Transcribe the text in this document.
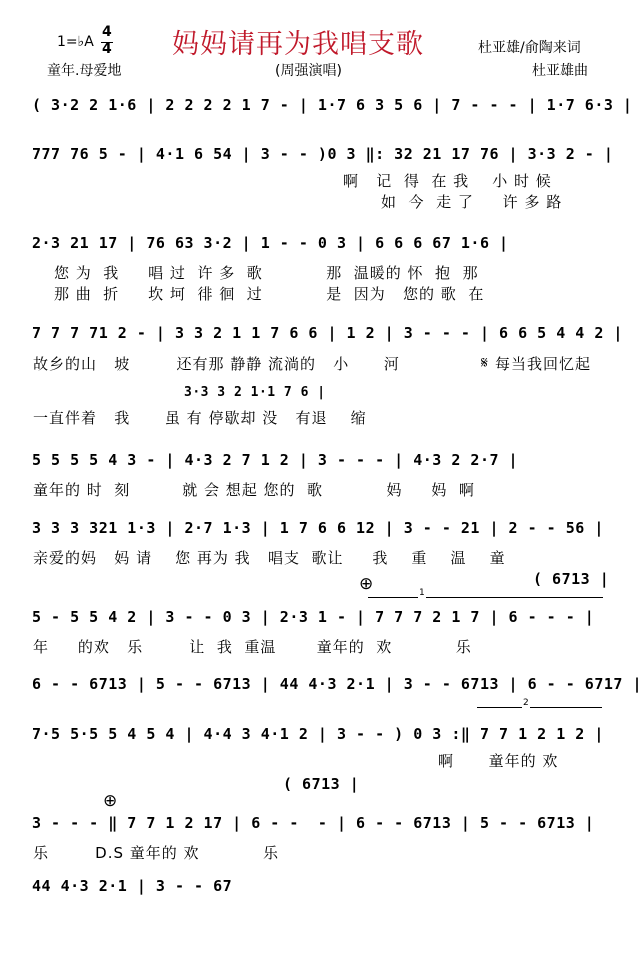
1=♭A
4
4 妈妈请再为我唱支歌	杜亚雄/俞陶来词
童年.母爱地	(周强演唱)	杜亚雄曲
( 3·2 2 1·6 | 2 2 2 2 1 7 - | 1·7 6 3 5 6 | 7 - - - | 1·7 6·3 |
777 76 5 - | 4·1 6 54 | 3 - - )0 3 ‖: 32 21 17 76 | 3·3 2 - |
啊   记  得  在 我    小 时 候
如  今  走 了     许 多 路
2·3 21 17 | 76 63 3·2 | 1 - - 0 3 | 6 6 6 67 1·6 |
您 为  我     唱 过  许 多  歌           那  温暖的 怀  抱  那
那 曲  折     坎 坷  徘 徊  过           是  因为   您的 歌  在
7 7 7 71 2 - | 3 3 2 1 1 7 6 6 | 1 2 | 3 - - - | 6 6 5 4 4 2 |
故乡的山   坡        还有那 静静 流淌的   小      河	𝄋 每当我回忆起
3·3 3 2 1·1 7 6 |
一直伴着   我      虽 有 停歇却 没   有退    缩
5 5 5 5 4 3 - | 4·3 2 7 1 2 | 3 - - - | 4·3 2 2·7 |
童年的 时  刻         就 会 想起 您的  歌           妈     妈  啊
3 3 3 321 1·3 | 2·7 1·3 | 1 7 6 6 12 | 3 - - 21 | 2 - - 56 |
亲爱的妈   妈 请    您 再为 我   唱支  歌让     我    重    温    童
⊕	1
( 6713 |
5 - 5 5 4 2 | 3 - - 0 3 | 2·3 1 - | 7 7 7 2 1 7 | 6 - - - |
年     的欢   乐        让  我  重温       童年的  欢           乐
6 - - 6713 | 5 - - 6713 | 44 4·3 2·1 | 3 - - 6713 | 6 - - 6717 |
2
7·5 5·5 5 4 5 4 | 4·4 3 4·1 2 | 3 - - ) 0 3 :‖ 7 7 1 2 1 2 |
啊      童年的 欢
( 6713 |
⊕
3 - - - ‖ 7 7 1 2 17 | 6 - -  - | 6 - - 6713 | 5 - - 6713 |
乐        D.S 童年的 欢           乐
44 4·3 2·1 | 3 - - 67
